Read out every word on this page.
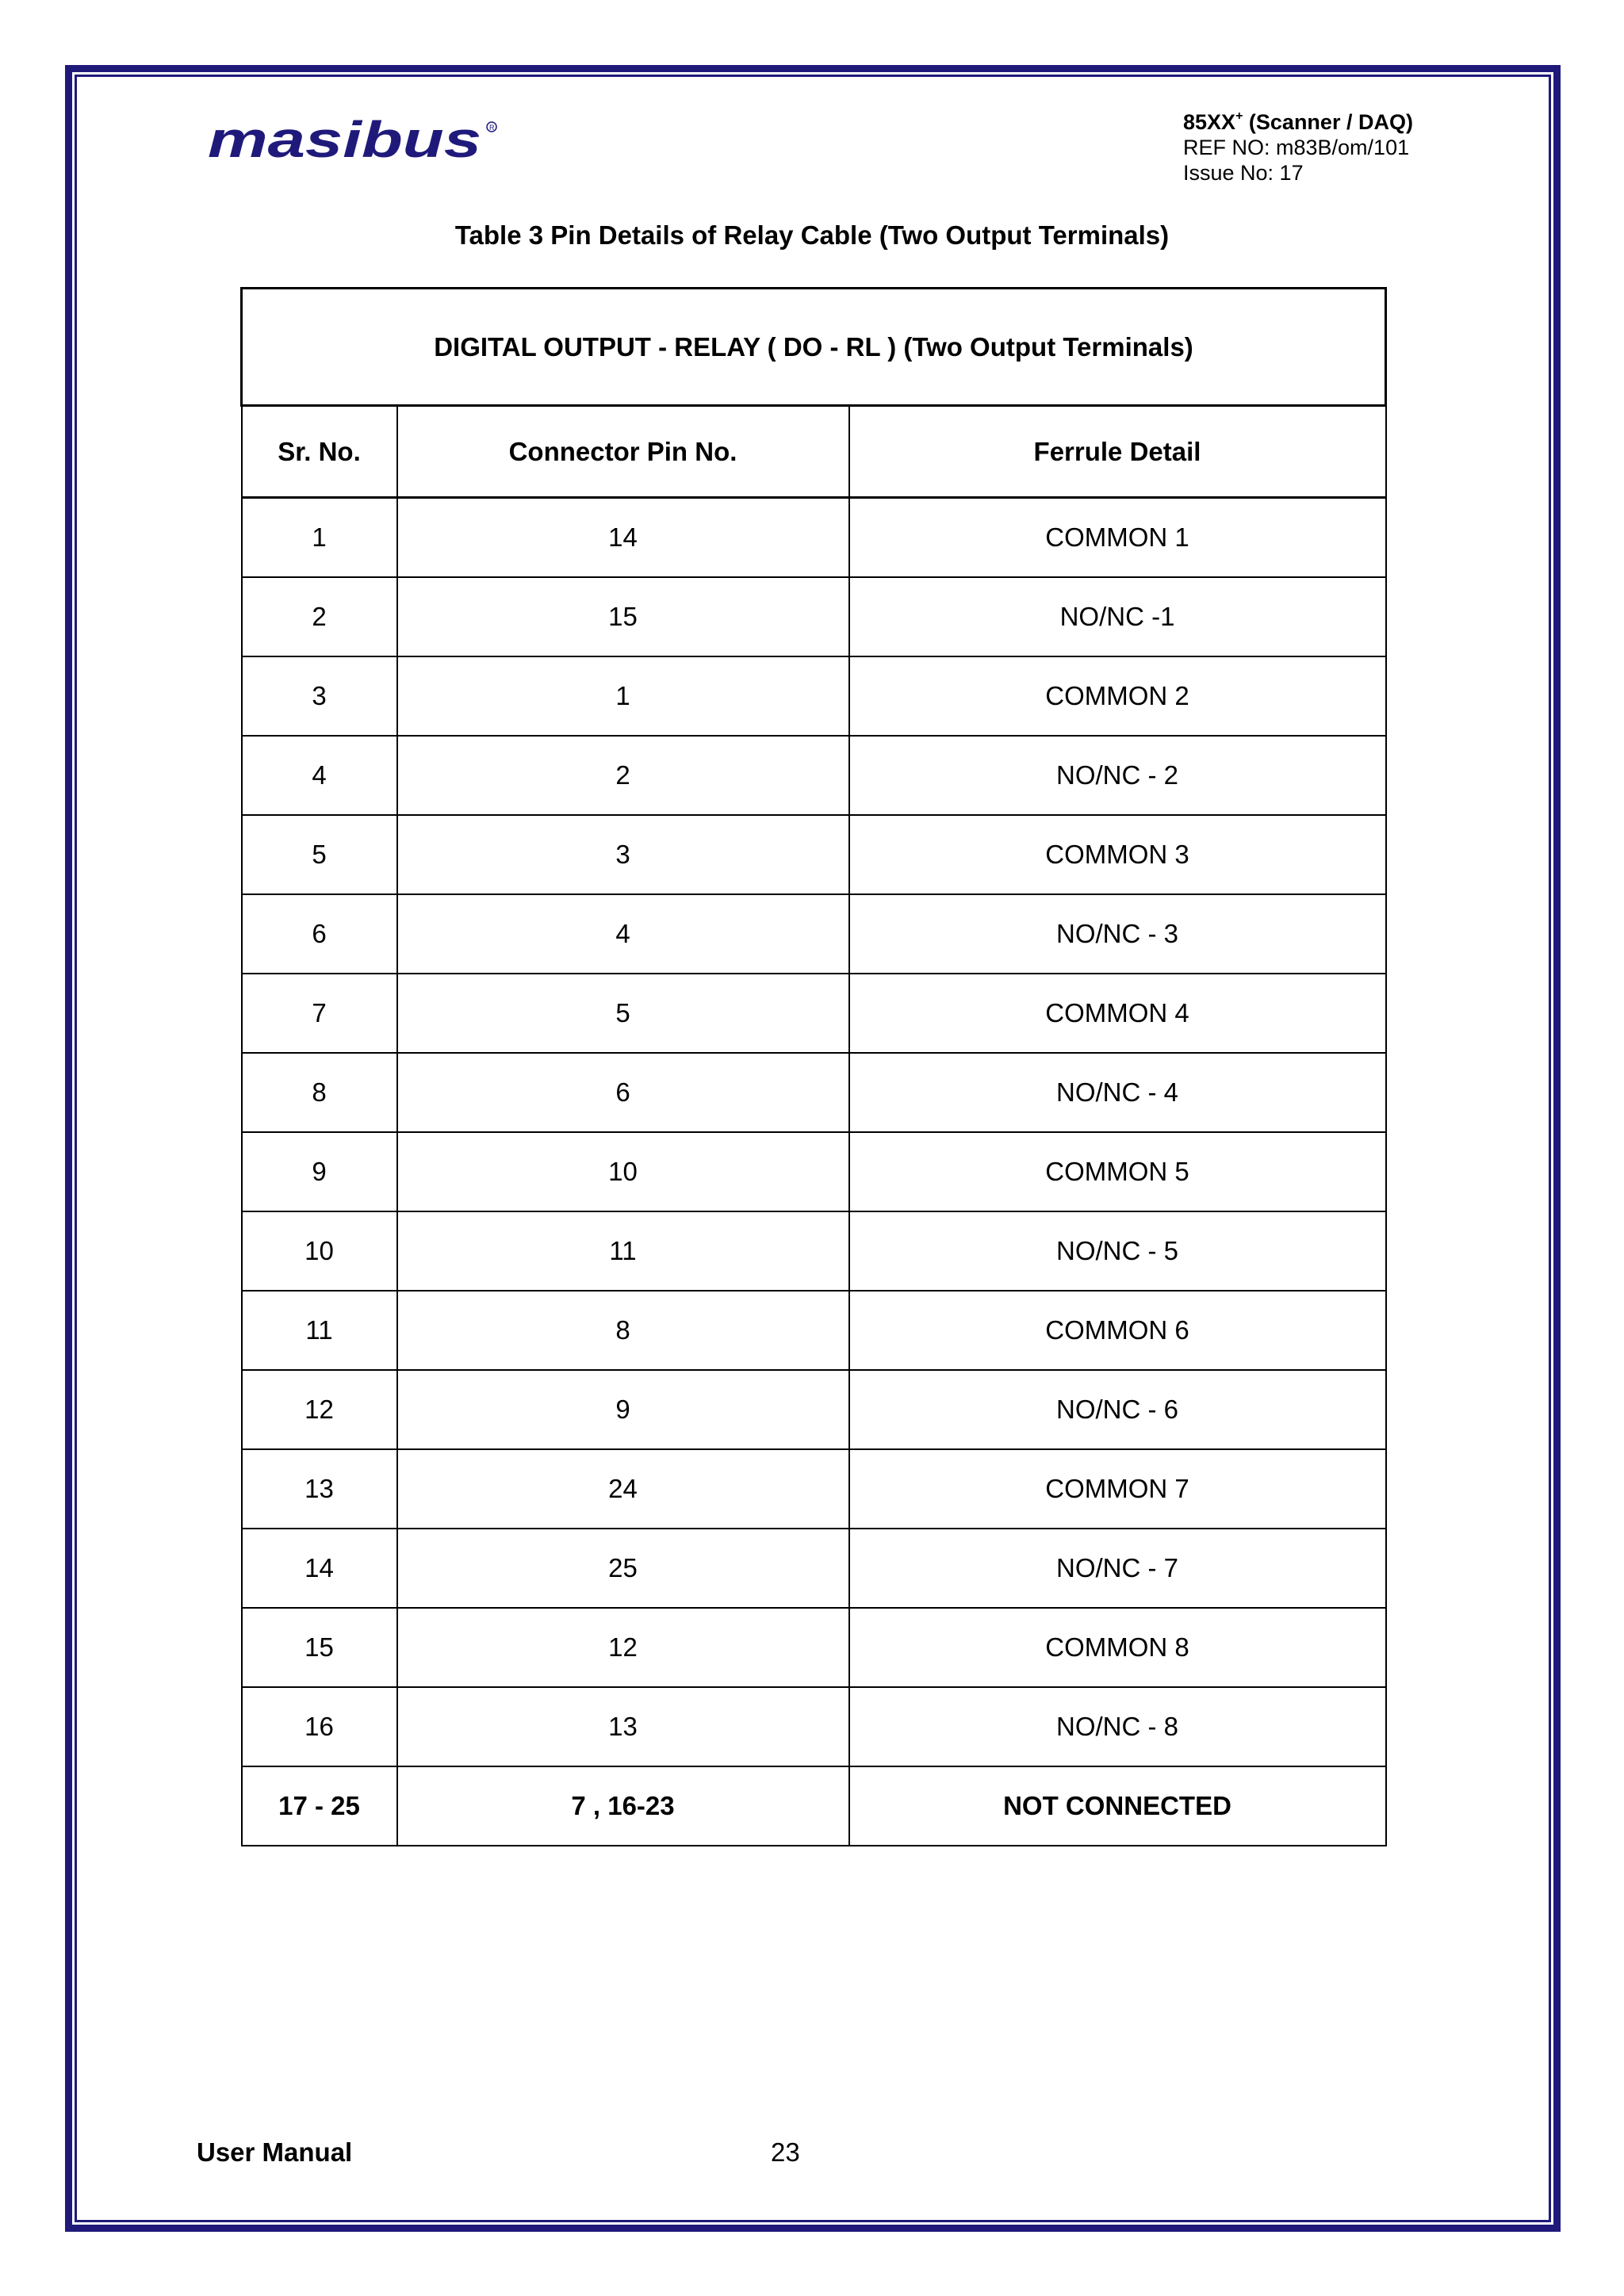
masibus R	85XX+ (Scanner / DAQ)
REF NO: m83B/om/101
Issue No: 17
Table 3 Pin Details of Relay Cable (Two Output Terminals)
DIGITAL OUTPUT - RELAY ( DO - RL ) (Two Output Terminals)		
Sr. No.	Connector Pin No.	Ferrule Detail
1	14	COMMON 1
2	15	NO/NC -1
3	1	COMMON 2
4	2	NO/NC - 2
5	3	COMMON 3
6	4	NO/NC - 3
7	5	COMMON 4
8	6	NO/NC - 4
9	10	COMMON 5
10	11	NO/NC - 5
11	8	COMMON 6
12	9	NO/NC - 6
13	24	COMMON 7
14	25	NO/NC - 7
15	12	COMMON 8
16	13	NO/NC - 8
17 - 25	7 , 16-23	NOT CONNECTED
User Manual	23
